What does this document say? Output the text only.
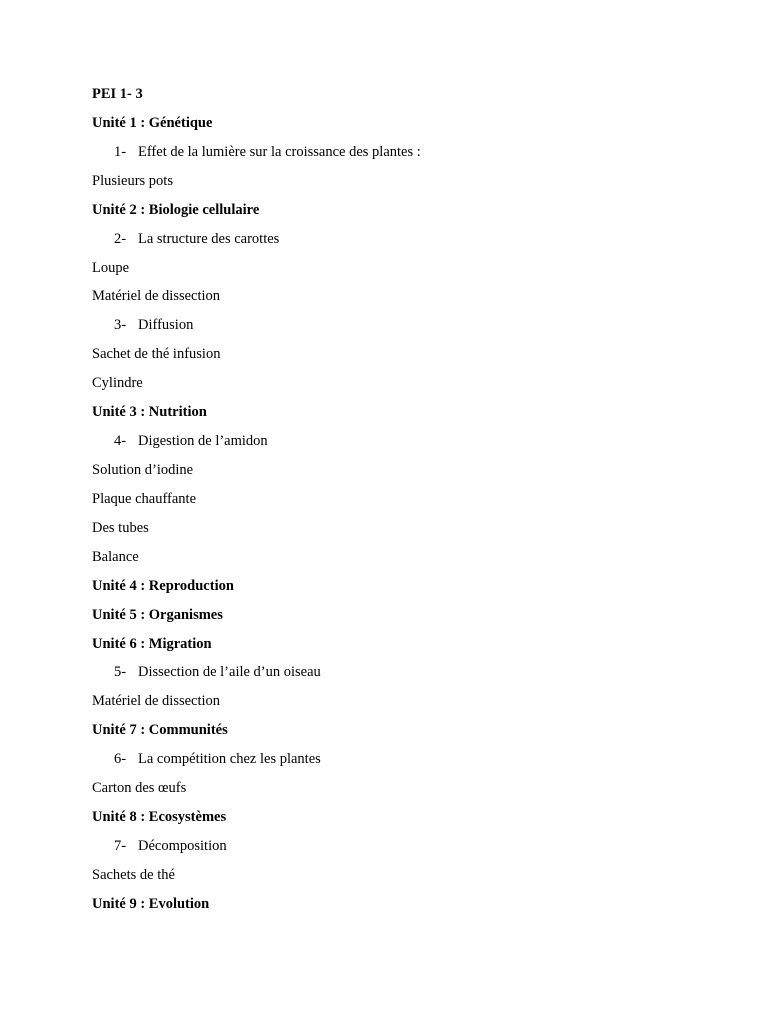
PEI 1- 3
Unité 1 : Génétique
1- Effet de la lumière sur la croissance des plantes :
Plusieurs pots
Unité 2 : Biologie cellulaire
2- La structure des carottes
Loupe
Matériel de dissection
3- Diffusion
Sachet de thé infusion
Cylindre
Unité 3 : Nutrition
4- Digestion de l’amidon
Solution d’iodine
Plaque chauffante
Des tubes
Balance
Unité 4 : Reproduction
Unité 5 : Organismes
Unité 6 : Migration
5- Dissection de l’aile d’un oiseau
Matériel de dissection
Unité 7 : Communités
6- La compétition chez les plantes
Carton des œufs
Unité 8 : Ecosystèmes
7- Décomposition
Sachets de thé
Unité 9 : Evolution
